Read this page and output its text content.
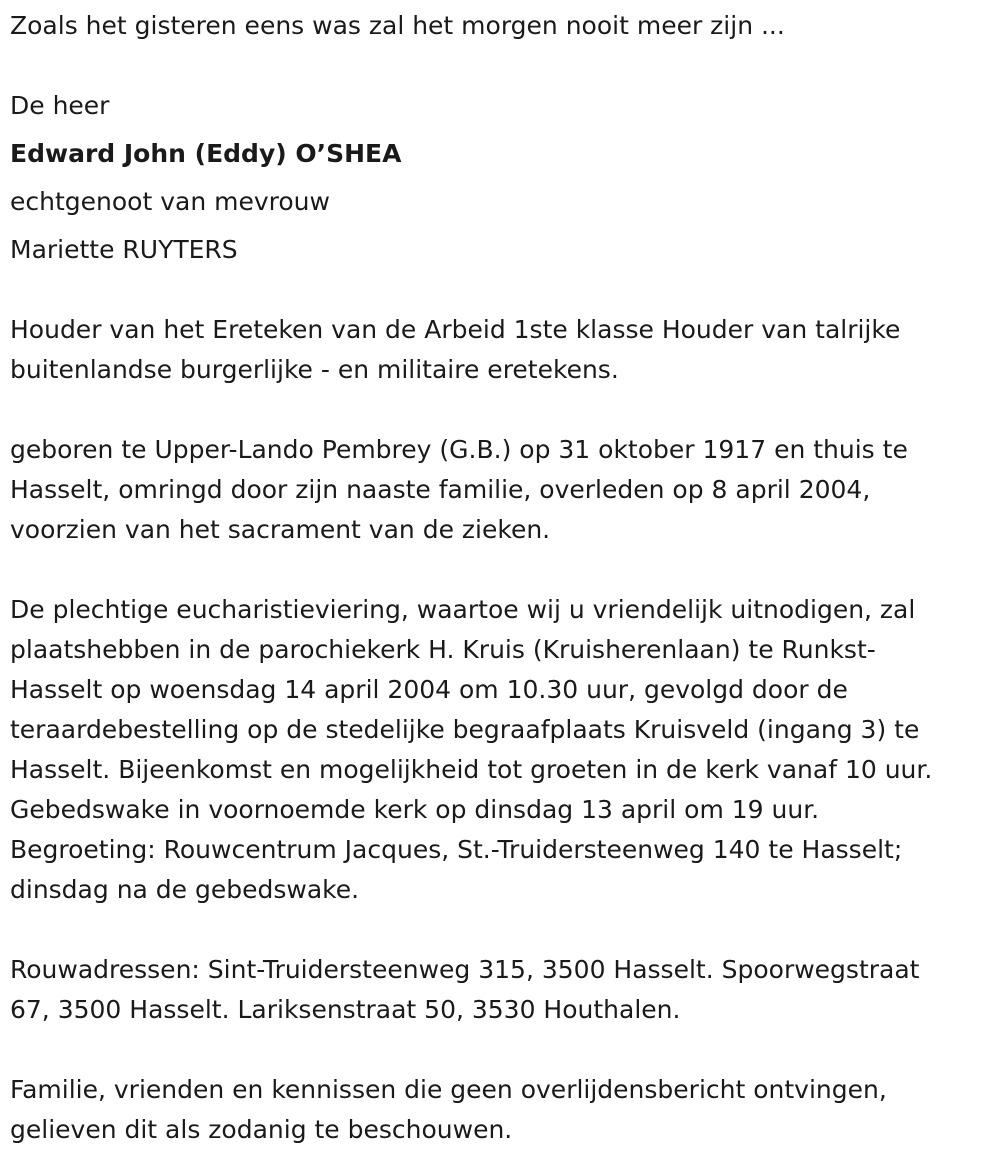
Zoals het gisteren eens was zal het morgen nooit meer zijn ...

De heer

Edward John (Eddy) O’SHEA

echtgenoot van mevrouw

Mariette RUYTERS

Houder van het Ereteken van de Arbeid 1ste klasse Houder van talrijke
buitenlandse burgerlijke - en militaire eretekens.
geboren te Upper-Lando Pembrey (G.B.) op 31 oktober 1917 en thuis te
Hasselt, omringd door zijn naaste familie, overleden op 8 april 2004,
voorzien van het sacrament van de zieken.
De plechtige eucharistieviering, waartoe wij u vriendelijk uitnodigen, zal
plaatshebben in de parochiekerk H. Kruis (Kruisherenlaan) te Runkst-
Hasselt op woensdag 14 april 2004 om 10.30 uur, gevolgd door de
teraardebestelling op de stedelijke begraafplaats Kruisveld (ingang 3) te
Hasselt. Bijeenkomst en mogelijkheid tot groeten in de kerk vanaf 10 uur.
Gebedswake in voornoemde kerk op dinsdag 13 april om 19 uur.
Begroeting: Rouwcentrum Jacques, St.-Truidersteenweg 140 te Hasselt;
dinsdag na de gebedswake.
Rouwadressen: Sint-Truidersteenweg 315, 3500 Hasselt. Spoorwegstraat
67, 3500 Hasselt. Lariksenstraat 50, 3530 Houthalen.
Familie, vrienden en kennissen die geen overlijdensbericht ontvingen,
gelieven dit als zodanig te beschouwen.
